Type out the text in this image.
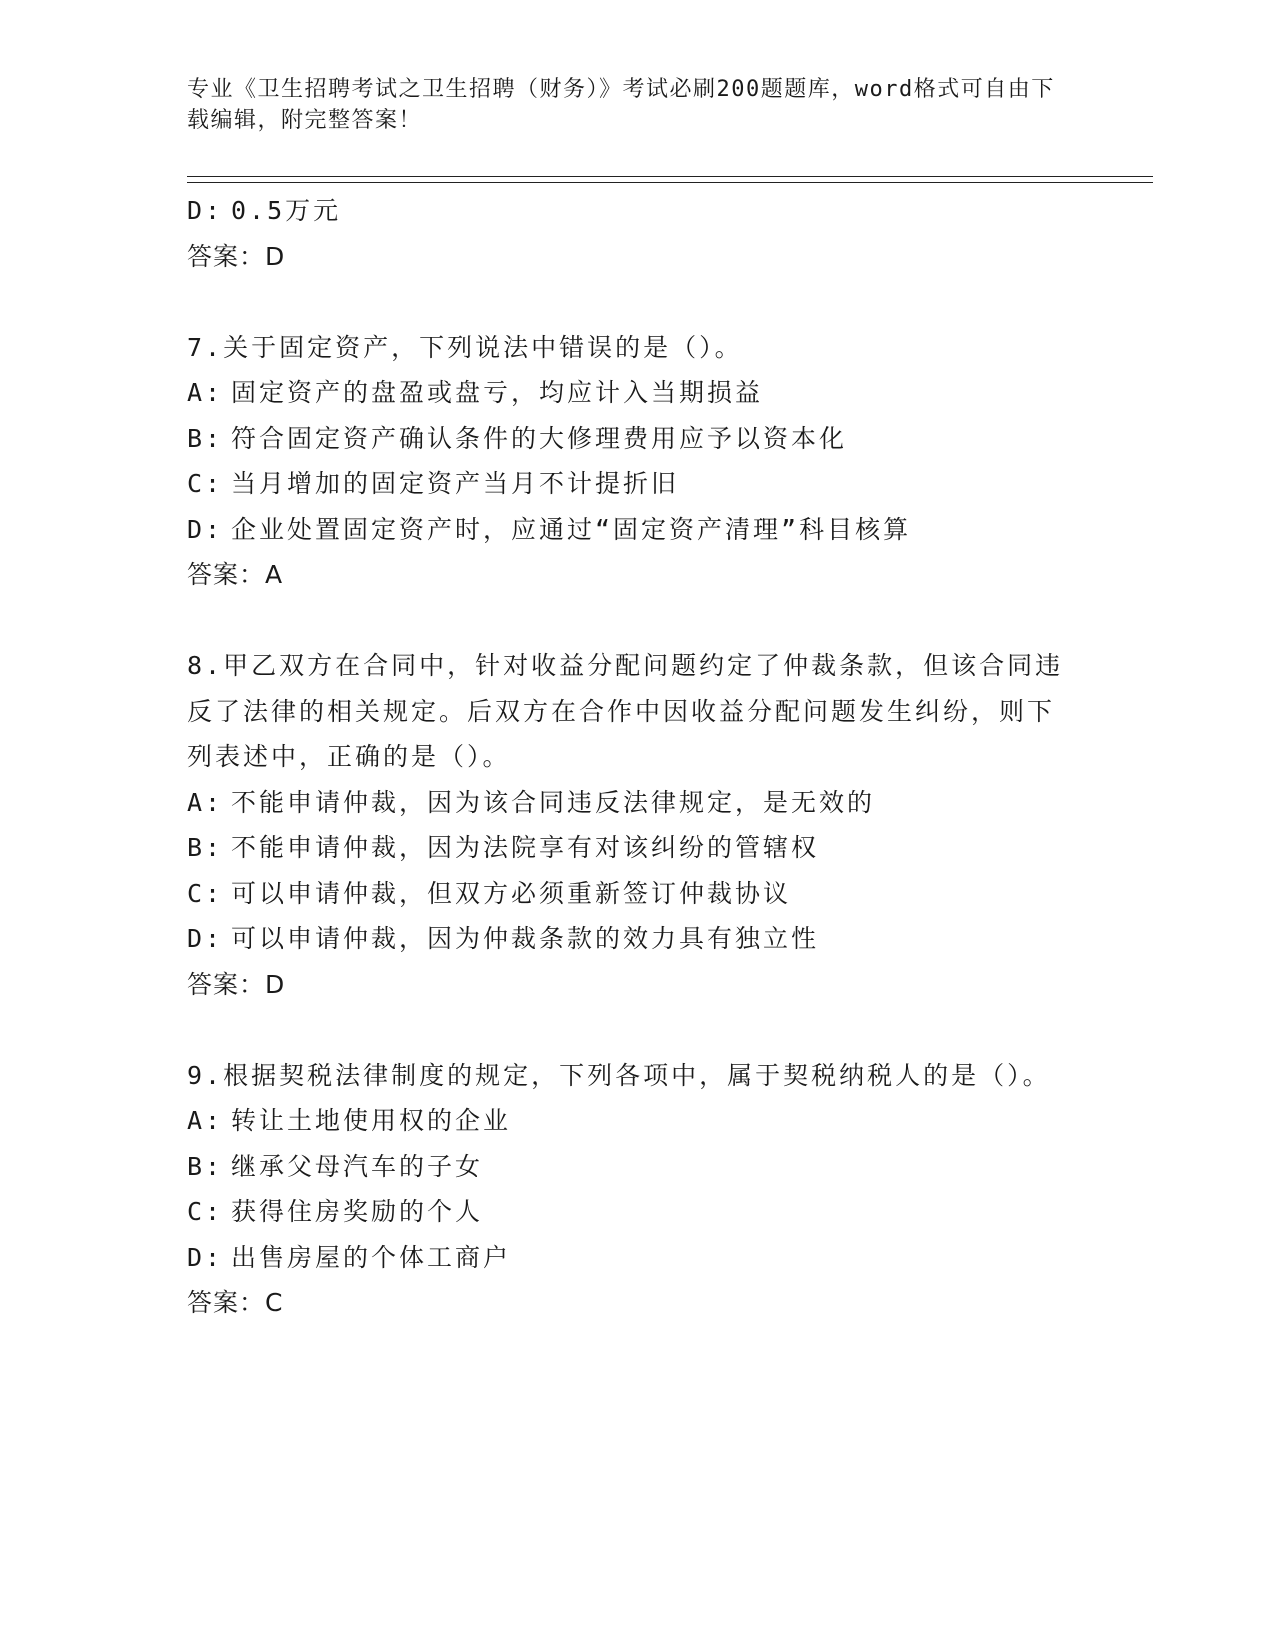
专业《卫生招聘考试之卫生招聘（财务）》考试必刷200题题库，word格式可自由下载编辑，附完整答案！
D: 0.5万元
答案：D
7.关于固定资产，下列说法中错误的是（）。
A: 固定资产的盘盈或盘亏，均应计入当期损益
B: 符合固定资产确认条件的大修理费用应予以资本化
C: 当月增加的固定资产当月不计提折旧
D: 企业处置固定资产时，应通过“固定资产清理”科目核算
答案：A
8.甲乙双方在合同中，针对收益分配问题约定了仲裁条款，但该合同违反了法律的相关规定。后双方在合作中因收益分配问题发生纠纷，则下列表述中，正确的是（）。
A: 不能申请仲裁，因为该合同违反法律规定，是无效的
B: 不能申请仲裁，因为法院享有对该纠纷的管辖权
C: 可以申请仲裁，但双方必须重新签订仲裁协议
D: 可以申请仲裁，因为仲裁条款的效力具有独立性
答案：D
9.根据契税法律制度的规定，下列各项中，属于契税纳税人的是（）。
A: 转让土地使用权的企业
B: 继承父母汽车的子女
C: 获得住房奖励的个人
D: 出售房屋的个体工商户
答案：C
